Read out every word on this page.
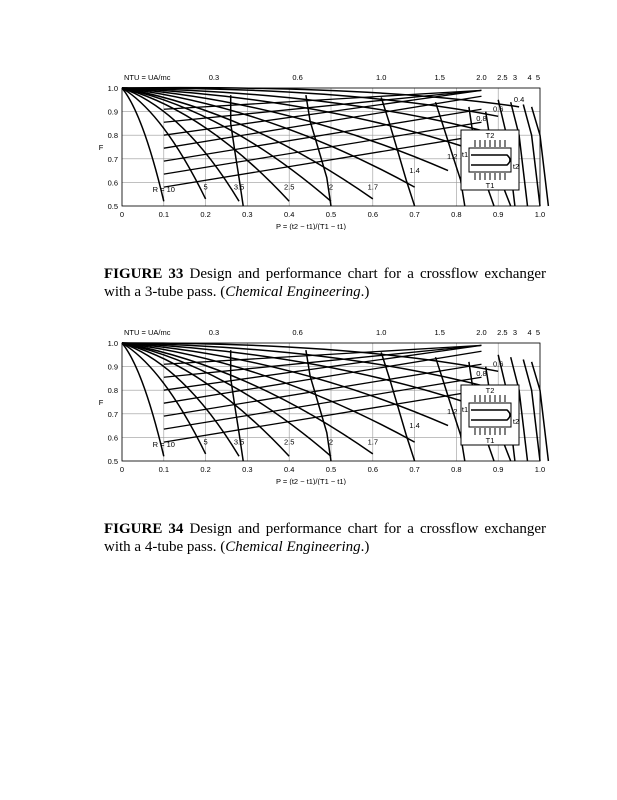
0	0.1	0.2	0.3	0.4	0.5	0.6	0.7	0.8	0.9	1.0
0.5
0.6
0.7
0.8
0.9
1.0
NTU = UA/mc	0.3	0.6	1.0	1.5	2.0 2.5 3 4 5
R = 10	5	3.5	2.5	2	1.7
1.4
1.2
0.8
0.6
0.4
F
P = (t2 − t1)/(T1 − t1)
T2
T1
t1
t2
FIGURE 33 Design and performance chart for a crossflow exchanger with a 3-tube pass. (Chemical Engineering.)
0	0.1	0.2	0.3	0.4	0.5	0.6	0.7	0.8	0.9	1.0
0.5
0.6
0.7
0.8
0.9
1.0
NTU = UA/mc	0.3	0.6	1.0	1.5	2.0 2.5 3 4 5
R = 10	5	3.5	2.5	2	1.7
1.4
1.2
0.8
0.6
F
P = (t2 − t1)/(T1 − t1)
T2
T1
t1
t2
FIGURE 34 Design and performance chart for a crossflow exchanger with a 4-tube pass. (Chemical Engineering.)
